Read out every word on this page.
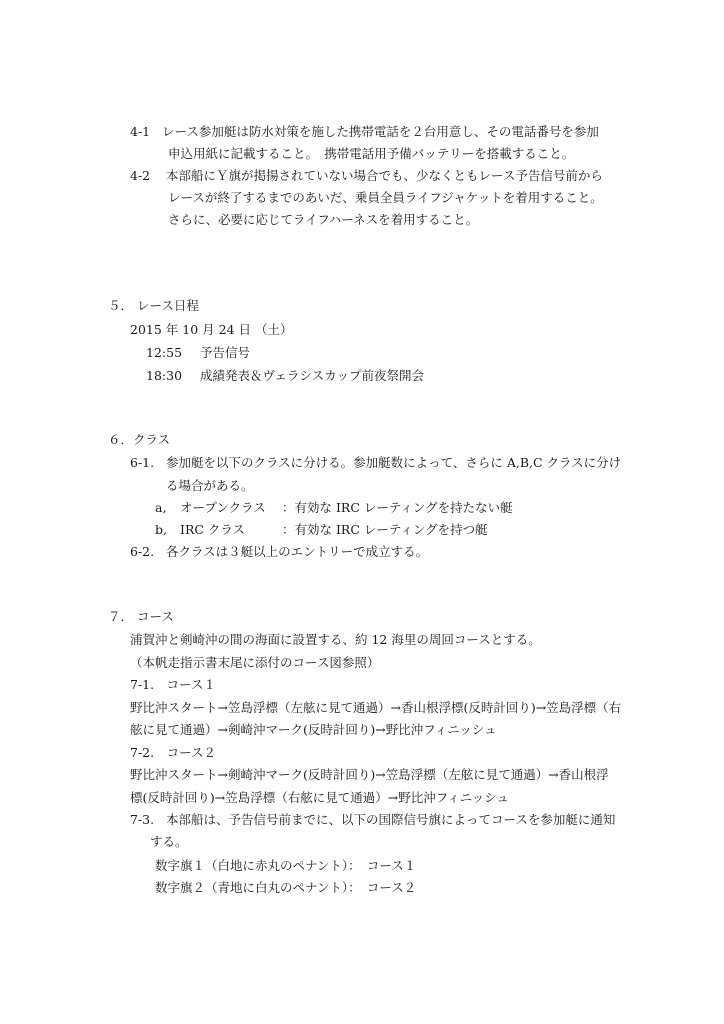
4-1 レース参加艇は防水対策を施した携帯電話を２台用意し、その電話番号を参加
申込用紙に記載すること。　携帯電話用予備バッテリーを搭載すること。
4-2 本部船にＹ旗が掲揚されていない場合でも、少なくともレース予告信号前から
レースが終了するまでのあいだ、乗員全員ライフジャケットを着用すること。
さらに、必要に応じてライフハーネスを着用すること。
５． レース日程
2015 年 10 月 24 日 （土）
12:55 予告信号
18:30 成績発表＆ヴェラシスカップ前夜祭開会
６．クラス
6-1. 参加艇を以下のクラスに分ける。参加艇数によって、さらに A,B,C クラスに分け
る場合がある。
a, オープンクラス ：有効な IRC レーティングを持たない艇
b, IRC クラス	：有効な IRC レーティングを持つ艇
6-2. 各クラスは３艇以上のエントリーで成立する。
７． コース
浦賀沖と剣崎沖の間の海面に設置する、約 12 海里の周回コースとする。
（本帆走指示書末尾に添付のコース図参照）
7-1.　コース１
野比沖スタート→笠島浮標（左舷に見て通過）→香山根浮標(反時計回り)→笠島浮標（右
舷に見て通過）→剣崎沖マーク(反時計回り)→野比沖フィニッシュ
7-2.　コース２
野比沖スタート→剣崎沖マーク(反時計回り)→笠島浮標（左舷に見て通過）→香山根浮
標(反時計回り)→笠島浮標（右舷に見て通過）→野比沖フィニッシュ
7-3. 本部船は、予告信号前までに、以下の国際信号旗によってコースを参加艇に通知
する。
数字旗１（白地に赤丸のペナント）：　コース１
数字旗２（青地に白丸のペナント）：　コース２
